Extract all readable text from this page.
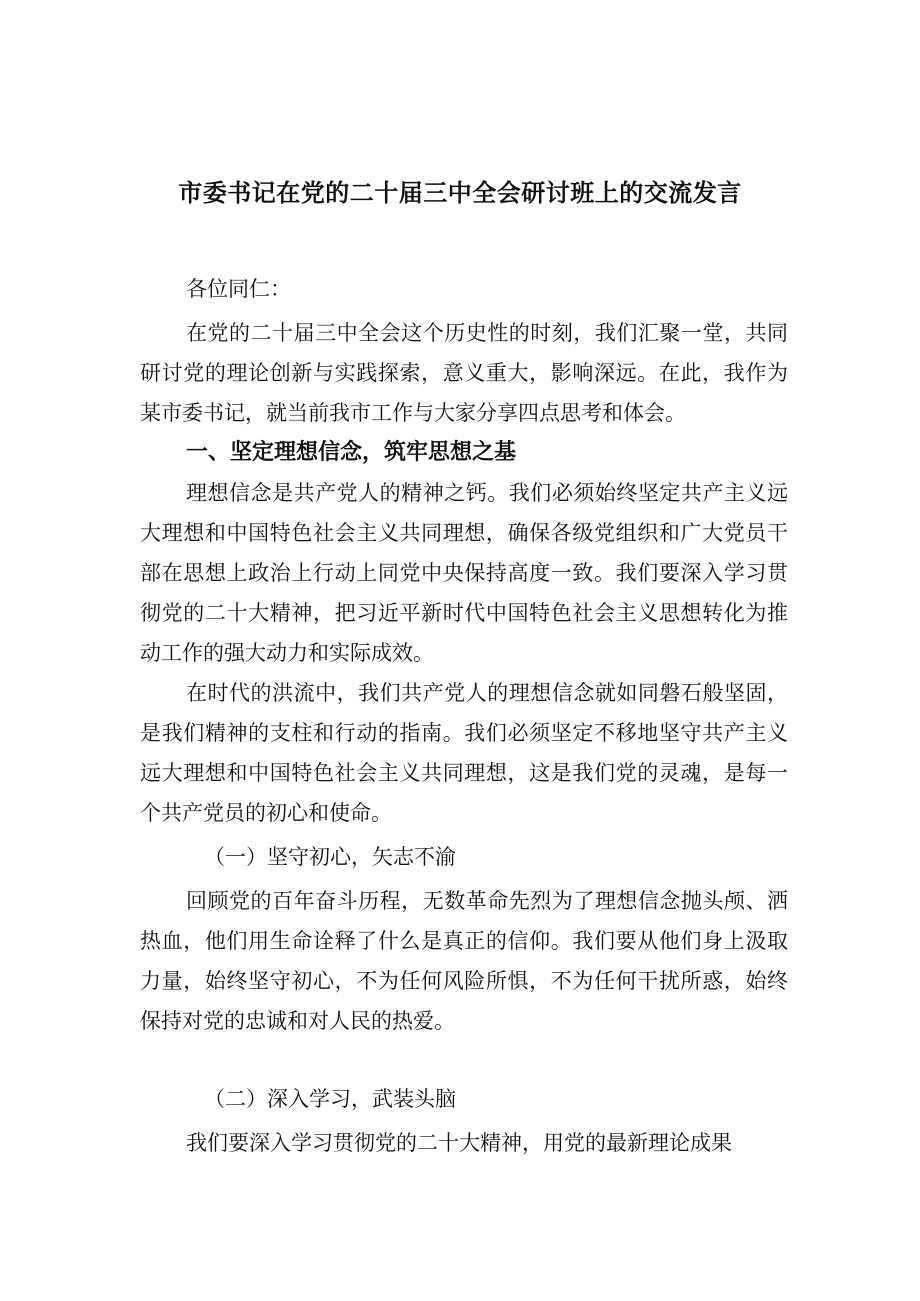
市委书记在党的二十届三中全会研讨班上的交流发言

各位同仁：

在党的二十届三中全会这个历史性的时刻，我们汇聚一堂，共同研讨党的理论创新与实践探索，意义重大，影响深远。在此，我作为某市委书记，就当前我市工作与大家分享四点思考和体会。

一、坚定理想信念，筑牢思想之基

理想信念是共产党人的精神之钙。我们必须始终坚定共产主义远大理想和中国特色社会主义共同理想，确保各级党组织和广大党员干部在思想上政治上行动上同党中央保持高度一致。我们要深入学习贯彻党的二十大精神，把习近平新时代中国特色社会主义思想转化为推动工作的强大动力和实际成效。

在时代的洪流中，我们共产党人的理想信念就如同磐石般坚固，是我们精神的支柱和行动的指南。我们必须坚定不移地坚守共产主义远大理想和中国特色社会主义共同理想，这是我们党的灵魂，是每一个共产党员的初心和使命。

（一）坚守初心，矢志不渝

回顾党的百年奋斗历程，无数革命先烈为了理想信念抛头颅、洒热血，他们用生命诠释了什么是真正的信仰。我们要从他们身上汲取力量，始终坚守初心，不为任何风险所惧，不为任何干扰所惑，始终保持对党的忠诚和对人民的热爱。

（二）深入学习，武装头脑

我们要深入学习贯彻党的二十大精神，用党的最新理论成果
